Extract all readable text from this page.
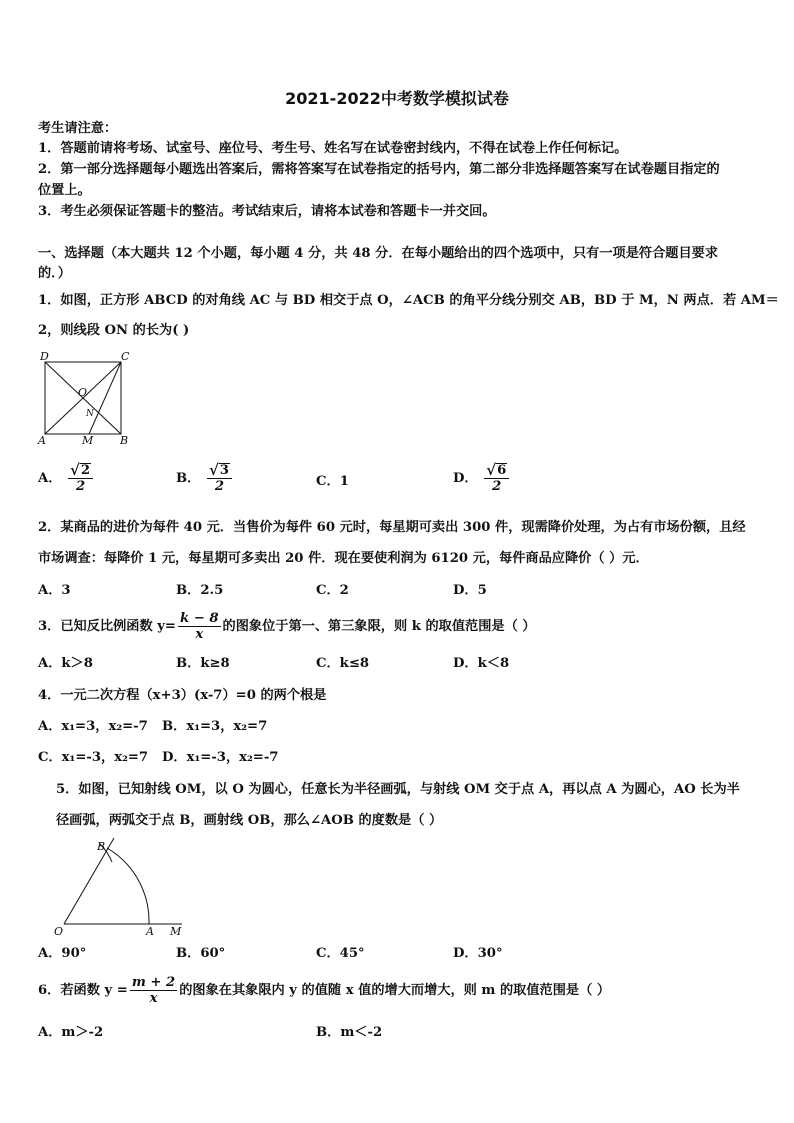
2021-2022中考数学模拟试卷
考生请注意：
1．答题前请将考场、试室号、座位号、考生号、姓名写在试卷密封线内，不得在试卷上作任何标记。
2．第一部分选择题每小题选出答案后，需将答案写在试卷指定的括号内，第二部分非选择题答案写在试卷题目指定的
位置上。
3．考生必须保证答题卡的整洁。考试结束后，请将本试卷和答题卡一并交回。
一、选择题（本大题共 12 个小题，每小题 4 分，共 48 分．在每小题给出的四个选项中，只有一项是符合题目要求
的．）
1．如图，正方形 ABCD 的对角线 AC 与 BD 相交于点 O，∠ACB 的角平分线分别交 AB，BD 于 M，N 两点．若 AM＝
2，则线段 ON 的长为( )
D	C
O
N
A	M B
A． $\frac{√ 2}{2}$	B． $\frac{√ 3}{2}$	C．1	D． $\frac{√ 6}{2}$
2．某商品的进价为每件 40 元．当售价为每件 60 元时，每星期可卖出 300 件，现需降价处理，为占有市场份额，且经
市场调查：每降价 1 元，每星期可多卖出 20 件．现在要使利润为 6120 元，每件商品应降价（ ）元．
A．3	B．2.5	C．2	D．5
3．已知反比例函数 $y= \frac{k - 8}{x}$ 的图象位于第一、第三象限，则 k 的取值范围是（ ）
A．k＞8	B．k≥8	C．k≤8	D．k＜8
4．一元二次方程（x+3）(x-7）=0 的两个根是
A．x₁=3，x₂=-7 B．x₁=3，x₂=7
C．x₁=-3，x₂=7 D．x₁=-3，x₂=-7
5．如图，已知射线 OM，以 O 为圆心，任意长为半径画弧，与射线 OM 交于点 A，再以点 A 为圆心，AO 长为半
径画弧，两弧交于点 B，画射线 OB，那么∠AOB 的度数是（ ）
B
O	A M
A．90°	B．60°	C．45°	D．30°
6．若函数 $y = \frac{m + 2}{x}$ 的图象在其象限内 y 的值随 x 值的增大而增大，则 m 的取值范围是（ ）
A．m＞-2	B．m＜-2
